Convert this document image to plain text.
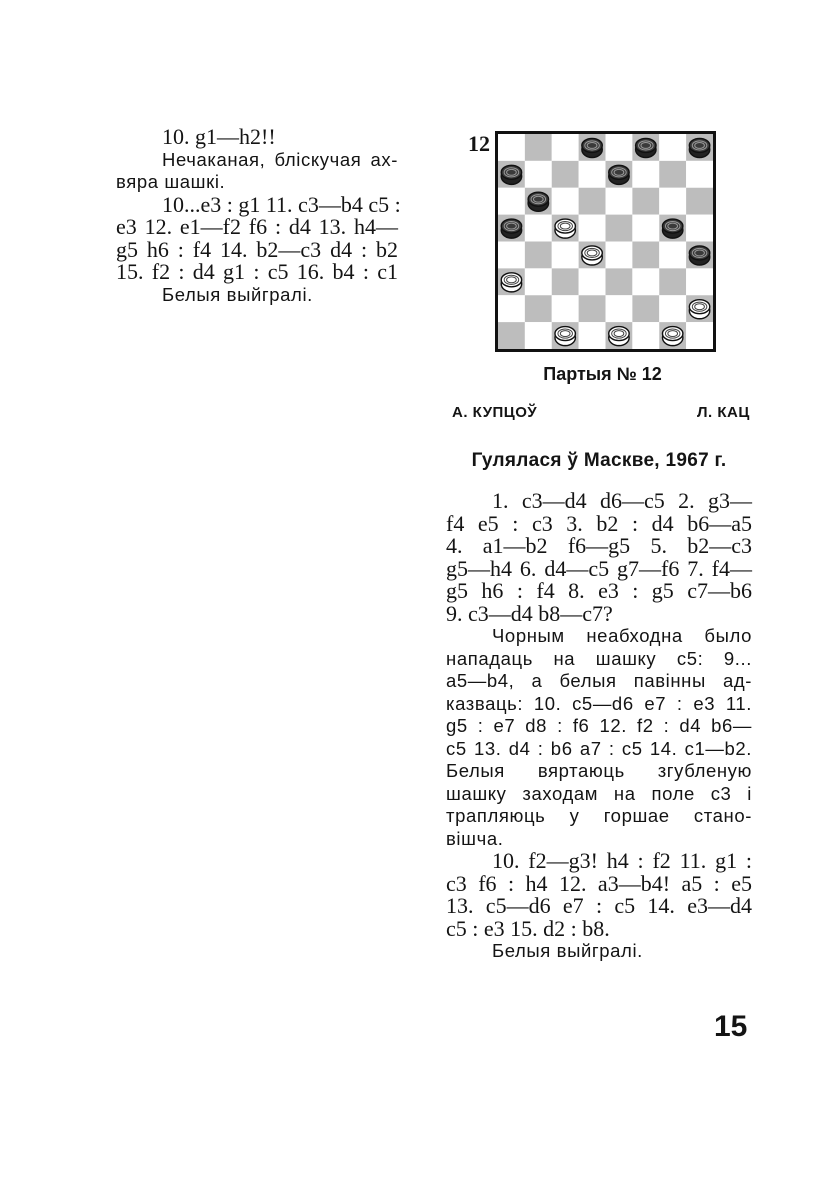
10. g1—h2!!
Нечаканая, бліскучая ах-
вяра шашкі.
10...e3 : g1 11. c3—b4 c5 :
e3 12. e1—f2 f6 : d4 13. h4—
g5 h6 : f4 14. b2—c3 d4 : b2
15. f2 : d4 g1 : c5 16. b4 : c1
Белыя выйгралі.
12
Партыя № 12
А. КУПЦОЎ	Л. КАЦ
Гулялася ў Маскве, 1967 г.
1. c3—d4 d6—c5 2. g3—
f4 e5 : c3 3. b2 : d4 b6—a5
4. a1—b2 f6—g5 5. b2—c3
g5—h4 6. d4—c5 g7—f6 7. f4—
g5 h6 : f4 8. e3 : g5 c7—b6
9. c3—d4 b8—c7?
Чорным неабходна было
нападаць на шашку c5: 9...
a5—b4, а белыя павінны ад-
казваць: 10. c5—d6 e7 : e3 11.
g5 : e7 d8 : f6 12. f2 : d4 b6—
c5 13. d4 : b6 a7 : c5 14. c1—b2.
Белыя вяртаюць згубленую
шашку заходам на поле c3 і
трапляюць у горшае стано-
вішча.
10. f2—g3! h4 : f2 11. g1 :
c3 f6 : h4 12. a3—b4! a5 : e5
13. c5—d6 e7 : c5 14. e3—d4
c5 : e3 15. d2 : b8.
Белыя выйгралі.
15
